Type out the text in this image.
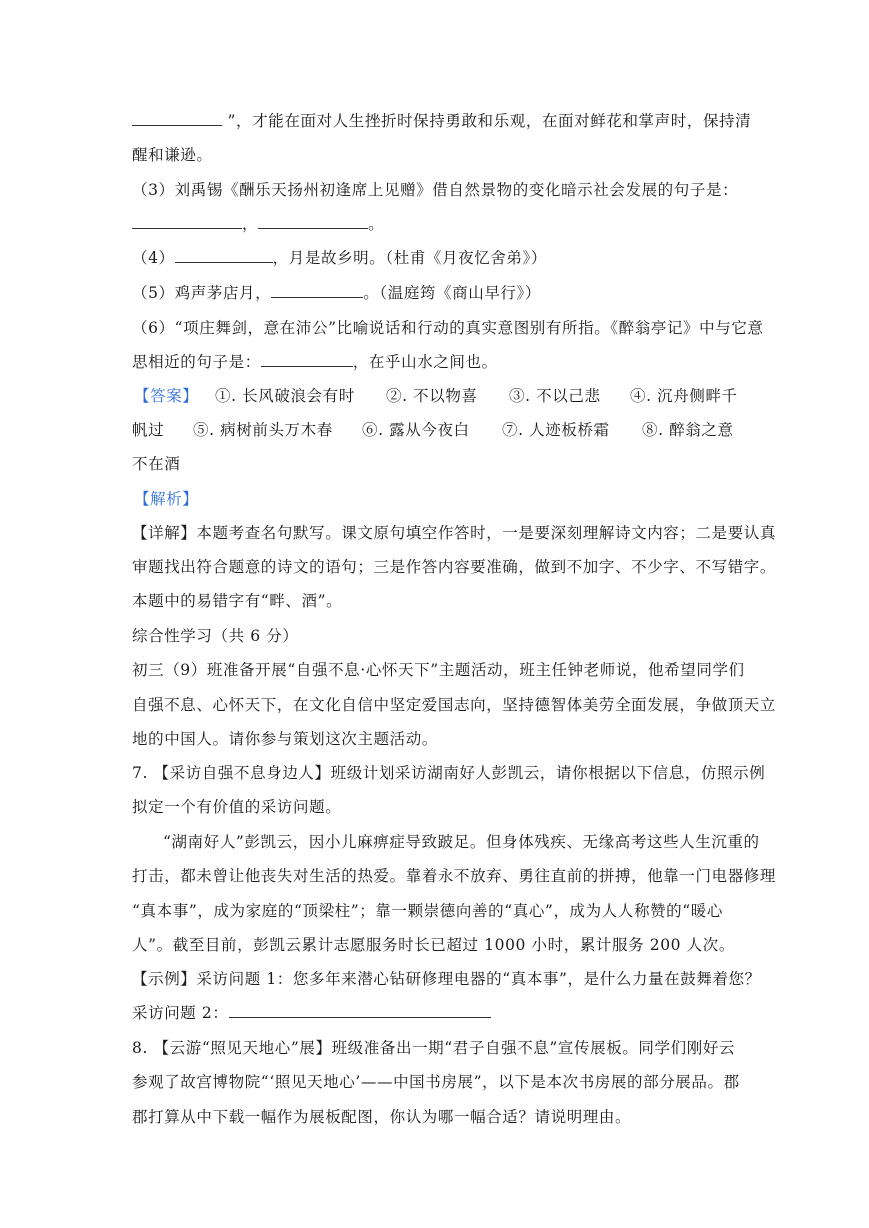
”，才能在面对人生挫折时保持勇敢和乐观，在面对鲜花和掌声时，保持清
醒和谦逊。
（3）刘禹锡《酬乐天扬州初逢席上见赠》借自然景物的变化暗示社会发展的句子是：
，	。
（4）	，月是故乡明。（杜甫《月夜忆舍弟》）
（5）鸡声茅店月，	。（温庭筠《商山早行》）
（6）“项庄舞剑，意在沛公”比喻说话和行动的真实意图别有所指。《醉翁亭记》中与它意
思相近的句子是：	，在乎山水之间也。
【答案】 ①. 长风破浪会有时 ②. 不以物喜 ③. 不以己悲 ④. 沉舟侧畔千
帆过 ⑤. 病树前头万木春 ⑥. 露从今夜白 ⑦. 人迹板桥霜 ⑧. 醉翁之意
不在酒
【解析】
【详解】本题考查名句默写。课文原句填空作答时，一是要深刻理解诗文内容；二是要认真
审题找出符合题意的诗文的语句；三是作答内容要准确，做到不加字、不少字、不写错字。
本题中的易错字有“畔、酒”。
综合性学习（共 6 分）
初三（9）班准备开展“自强不息·心怀天下”主题活动，班主任钟老师说，他希望同学们
自强不息、心怀天下，在文化自信中坚定爱国志向，坚持德智体美劳全面发展，争做顶天立
地的中国人。请你参与策划这次主题活动。
7. 【采访自强不息身边人】班级计划采访湖南好人彭凯云，请你根据以下信息，仿照示例
拟定一个有价值的采访问题。
“湖南好人”彭凯云，因小儿麻痹症导致跛足。但身体残疾、无缘高考这些人生沉重的
打击，都未曾让他丧失对生活的热爱。靠着永不放弃、勇往直前的拼搏，他靠一门电器修理
“真本事”，成为家庭的“顶梁柱”；靠一颗崇德向善的“真心”，成为人人称赞的“暖心
人”。截至目前，彭凯云累计志愿服务时长已超过 1000 小时，累计服务 200 人次。
【示例】采访问题 1：您多年来潜心钻研修理电器的“真本事”，是什么力量在鼓舞着您？
采访问题 2：
8. 【云游“照见天地心”展】班级准备出一期“君子自强不息”宣传展板。同学们刚好云
参观了故宫博物院“‘照见天地心’——中国书房展”，以下是本次书房展的部分展品。郡
郡打算从中下载一幅作为展板配图，你认为哪一幅合适？请说明理由。
